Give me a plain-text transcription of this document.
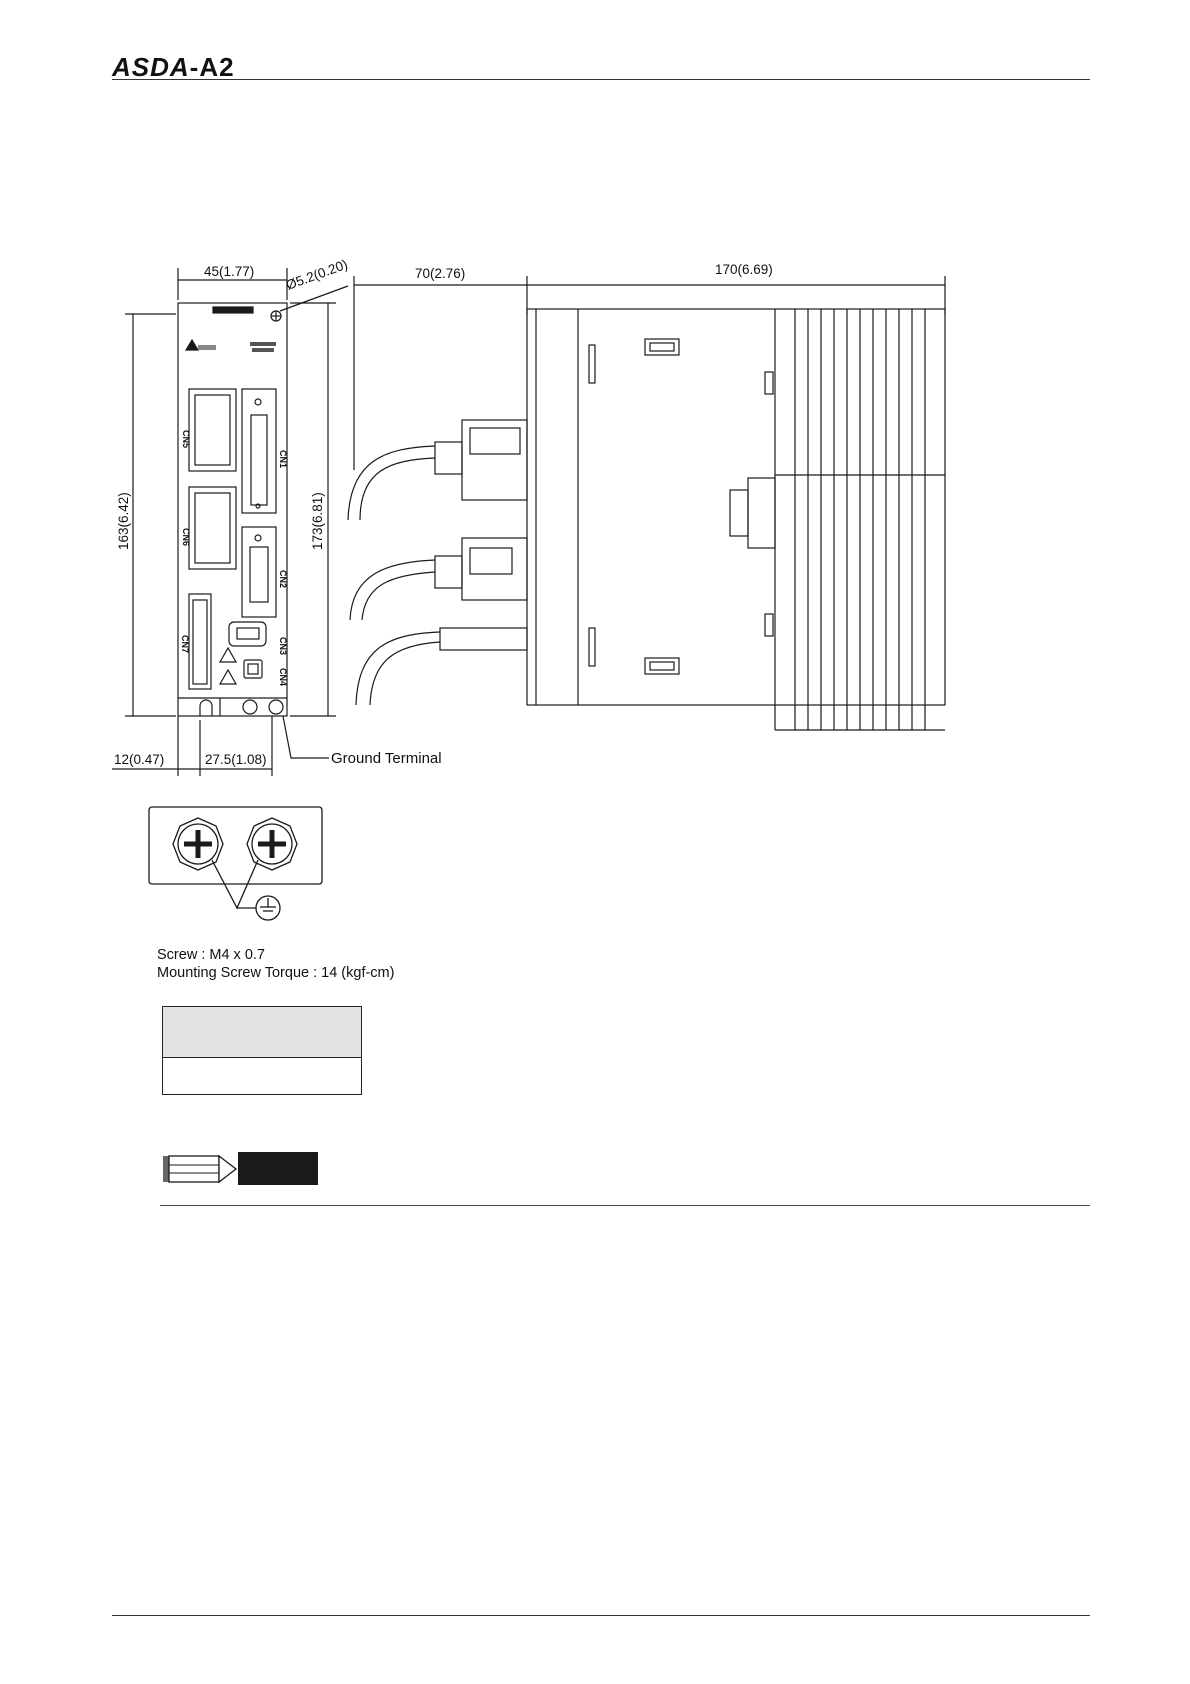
ASDA-A2
45(1.77) Ø5.2(0.20)	70(2.76)	170(6.69)
163(6.42)	173(6.81)
12(0.47)	27.5(1.08)	Ground Terminal
CN5
CN6
CN7
CN1
CN2
CN3
CN4
Screw : M4 x 0.7
Mounting Screw Torque : 14 (kgf-cm)
